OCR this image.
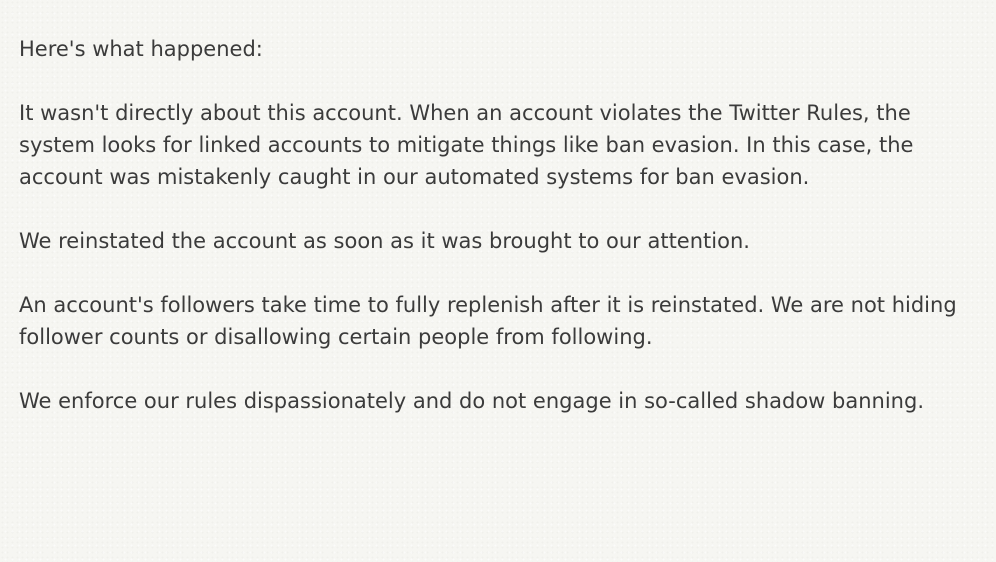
Here's what happened:

It wasn't directly about this account. When an account violates the Twitter Rules, the system looks for linked accounts to mitigate things like ban evasion. In this case, the account was mistakenly caught in our automated systems for ban evasion.

We reinstated the account as soon as it was brought to our attention.

An account's followers take time to fully replenish after it is reinstated. We are not hiding follower counts or disallowing certain people from following.

We enforce our rules dispassionately and do not engage in so-called shadow banning.
